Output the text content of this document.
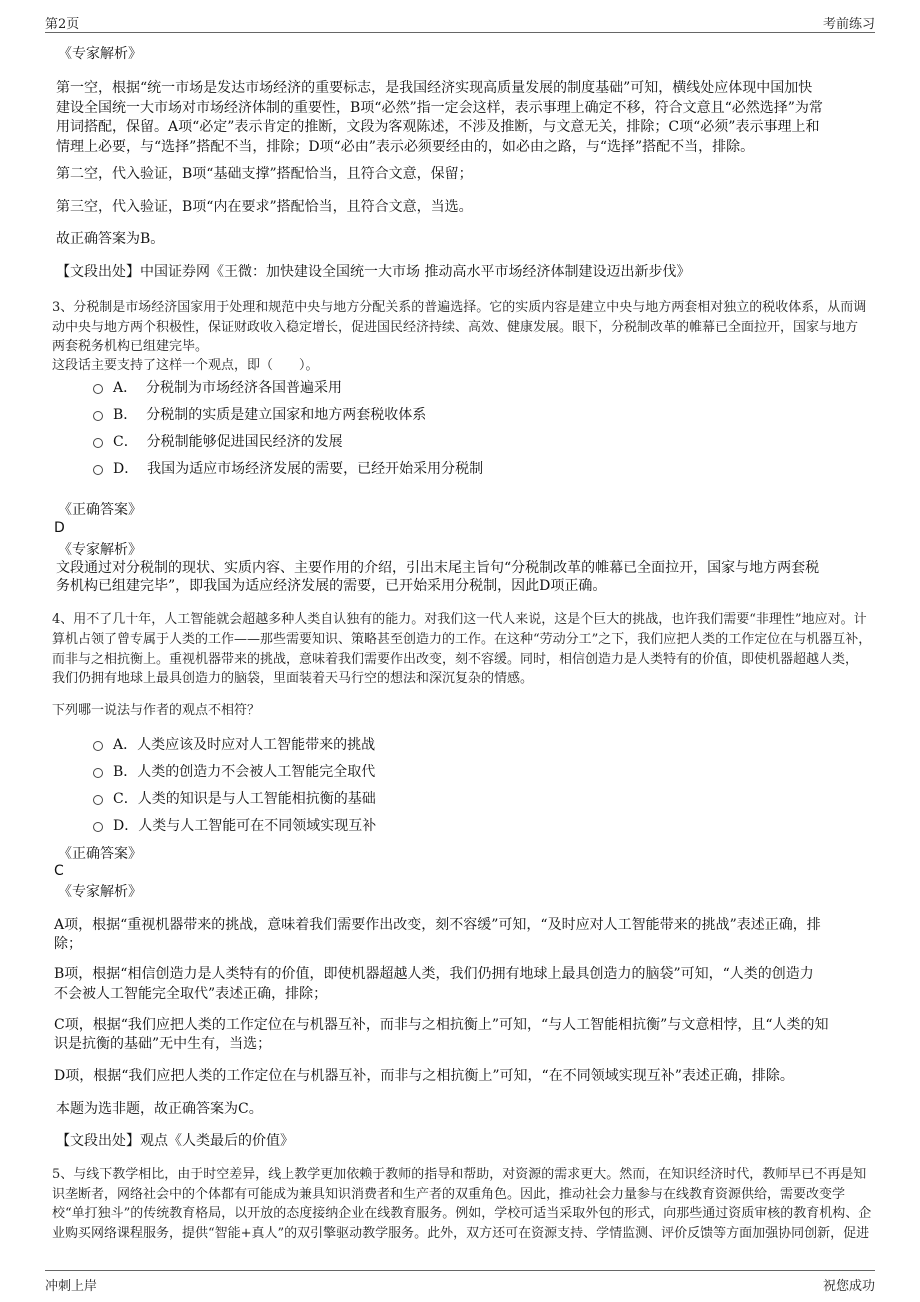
第2页	考前练习
《专家解析》
第一空，根据“统一市场是发达市场经济的重要标志，是我国经济实现高质量发展的制度基础”可知，横线处应体现中国加快
建设全国统一大市场对市场经济体制的重要性，B项“必然”指一定会这样，表示事理上确定不移，符合文意且“必然选择”为常
用词搭配，保留。A项“必定”表示肯定的推断，文段为客观陈述，不涉及推断，与文意无关，排除；C项“必须”表示事理上和
情理上必要，与“选择”搭配不当，排除；D项“必由”表示必须要经由的，如必由之路，与“选择”搭配不当，排除。
第二空，代入验证，B项“基础支撑”搭配恰当，且符合文意，保留；
第三空，代入验证，B项“内在要求”搭配恰当，且符合文意，当选。
故正确答案为B。
【文段出处】中国证券网《王微：加快建设全国统一大市场 推动高水平市场经济体制建设迈出新步伐》
3、分税制是市场经济国家用于处理和规范中央与地方分配关系的普遍选择。它的实质内容是建立中央与地方两套相对独立的税收体系，从而调
动中央与地方两个积极性，保证财政收入稳定增长，促进国民经济持续、高效、健康发展。眼下，分税制改革的帷幕已全面拉开，国家与地方
两套税务机构已组建完毕。
这段话主要支持了这样一个观点，即（　　）。
A． 分税制为市场经济各国普遍采用
B． 分税制的实质是建立国家和地方两套税收体系
C． 分税制能够促进国民经济的发展
D． 我国为适应市场经济发展的需要，已经开始采用分税制
《正确答案》
D
《专家解析》
文段通过对分税制的现状、实质内容、主要作用的介绍，引出末尾主旨句“分税制改革的帷幕已全面拉开，国家与地方两套税
务机构已组建完毕”，即我国为适应经济发展的需要，已开始采用分税制，因此D项正确。
4、用不了几十年，人工智能就会超越多种人类自认独有的能力。对我们这一代人来说，这是个巨大的挑战，也许我们需要“非理性”地应对。计
算机占领了曾专属于人类的工作——那些需要知识、策略甚至创造力的工作。在这种“劳动分工”之下，我们应把人类的工作定位在与机器互补，
而非与之相抗衡上。重视机器带来的挑战，意味着我们需要作出改变，刻不容缓。同时，相信创造力是人类特有的价值，即使机器超越人类，
我们仍拥有地球上最具创造力的脑袋，里面装着天马行空的想法和深沉复杂的情感。
下列哪一说法与作者的观点不相符？
A．人类应该及时应对人工智能带来的挑战
B．人类的创造力不会被人工智能完全取代
C．人类的知识是与人工智能相抗衡的基础
D．人类与人工智能可在不同领域实现互补
《正确答案》
C
《专家解析》
A项，根据“重视机器带来的挑战，意味着我们需要作出改变，刻不容缓”可知，“及时应对人工智能带来的挑战”表述正确，排
除；
B项，根据“相信创造力是人类特有的价值，即使机器超越人类，我们仍拥有地球上最具创造力的脑袋”可知，“人类的创造力
不会被人工智能完全取代”表述正确，排除；
C项，根据“我们应把人类的工作定位在与机器互补，而非与之相抗衡上”可知，“与人工智能相抗衡”与文意相悖，且“人类的知
识是抗衡的基础”无中生有，当选；
D项，根据“我们应把人类的工作定位在与机器互补，而非与之相抗衡上”可知，“在不同领域实现互补”表述正确，排除。
本题为选非题，故正确答案为C。
【文段出处】观点《人类最后的价值》
5、与线下教学相比，由于时空差异，线上教学更加依赖于教师的指导和帮助，对资源的需求更大。然而，在知识经济时代，教师早已不再是知
识垄断者，网络社会中的个体都有可能成为兼具知识消费者和生产者的双重角色。因此，推动社会力量参与在线教育资源供给，需要改变学
校“单打独斗”的传统教育格局，以开放的态度接纳企业在线教育服务。例如，学校可适当采取外包的形式，向那些通过资质审核的教育机构、企
业购买网络课程服务，提供“智能+真人”的双引擎驱动教学服务。此外，双方还可在资源支持、学情监测、评价反馈等方面加强协同创新，促进
冲刺上岸	祝您成功
